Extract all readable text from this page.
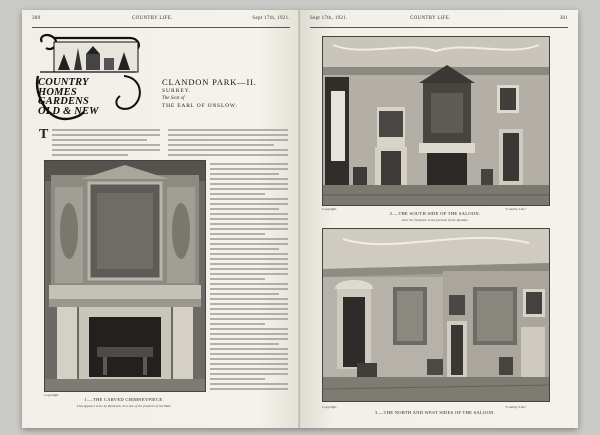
380	COUNTRY LIFE.	Sept 17th, 1921.
COUNTRY
HOMES
GARDENS
OLD & NEW
CLANDON PARK—II.
SURREY.
The Seat of
THE EARL OF ONSLOW.
T
Copyright.
1.—THE CARVED CHIMNEYPIECE.
This appears to be by Rysbrack. It is one of the features of the Hall.
Sept 17th, 1921.	COUNTRY LIFE.	381
Copyright.	"Country Life."
2.—THE SOUTH SIDE OF THE SALOON.
Over the fireplace is the portrait of the Speaker.
Copyright.	"Country Life."
3.—THE NORTH AND WEST SIDES OF THE SALOON.
